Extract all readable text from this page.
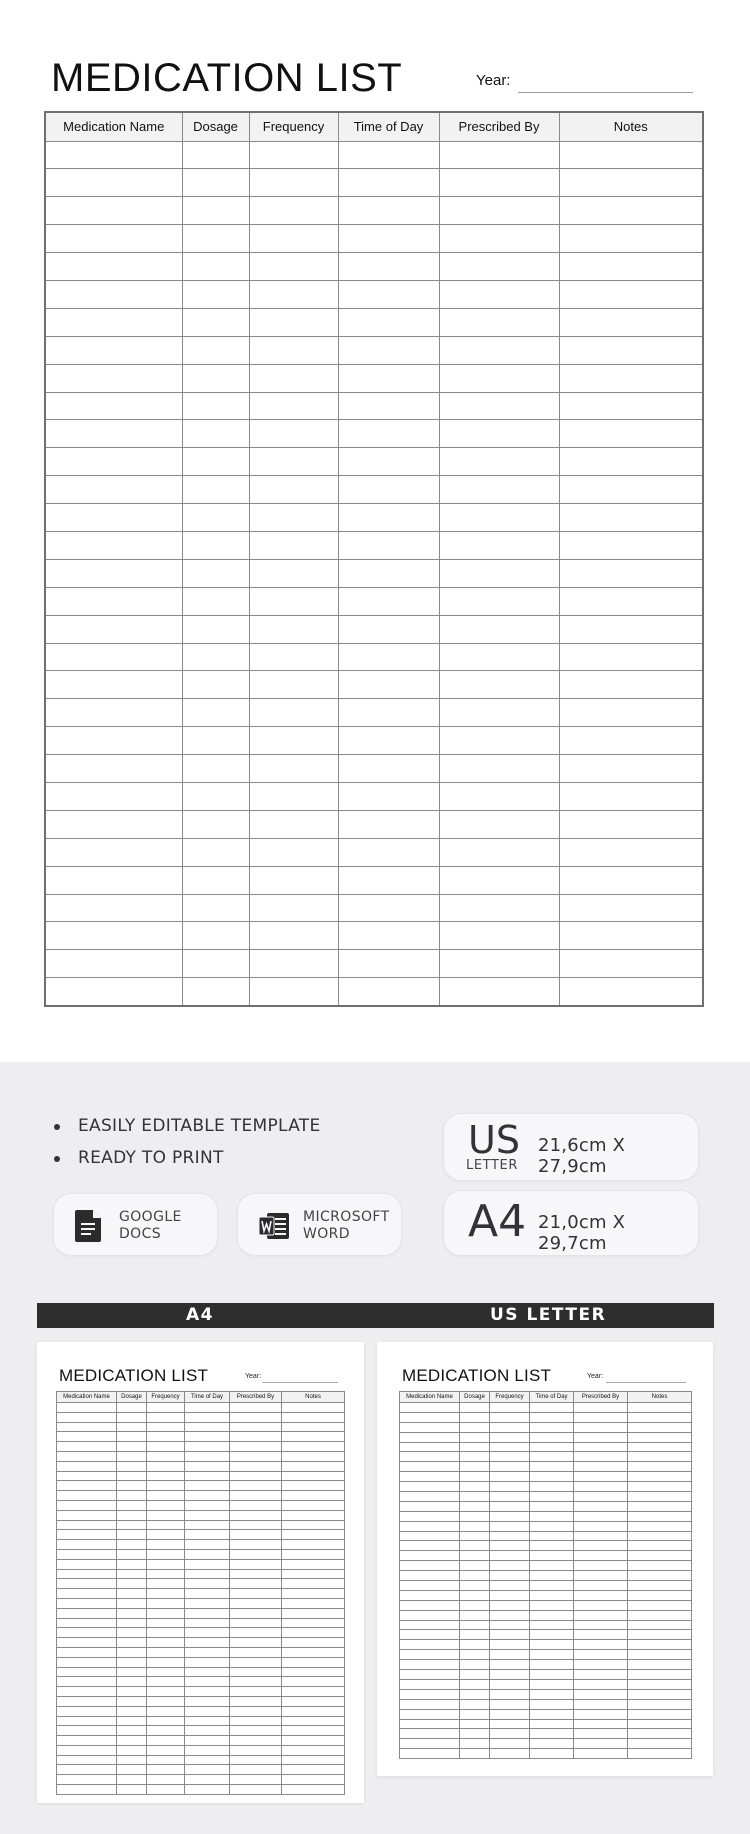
MEDICATION LIST	Year:
Medication Name	Dosage	Frequency	Time of Day	Prescribed By	Notes

EASILY EDITABLE TEMPLATE
READY TO PRINT
GOOGLE
DOCS
MICROSOFT
WORD
US
LETTER
21,6cm X 27,9cm
A4 21,0cm X 29,7cm
A4	US LETTER
MEDICATION LIST	Year:
Medication Name	Dosage	Frequency	Time of Day	Prescribed By	Notes

MEDICATION LIST	Year:
Medication Name	Dosage	Frequency	Time of Day	Prescribed By	Notes
